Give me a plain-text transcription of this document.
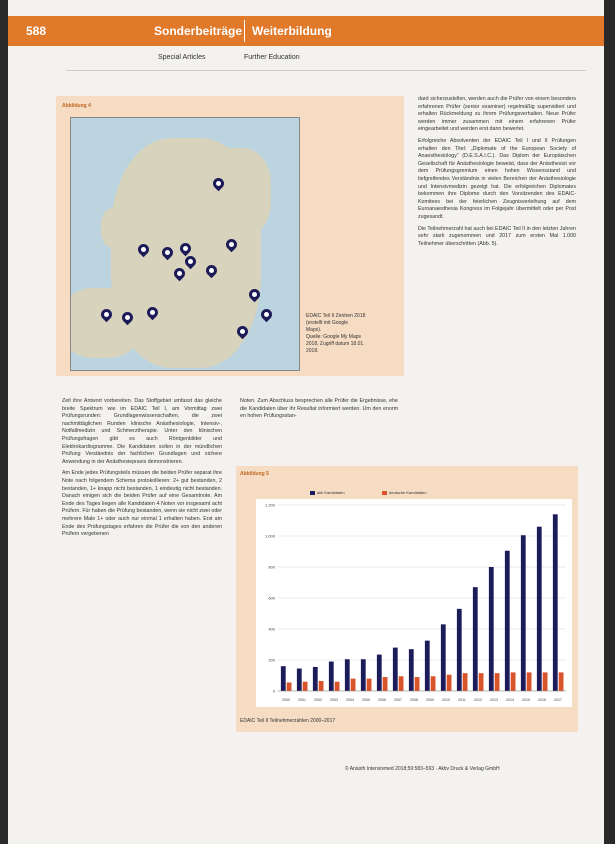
588	Sonderbeiträge Weiterbildung
Special Articles	Further Education
Abbildung 4
EDAIC Teil II Zentren 2018
(erstellt mit Google
Maps).
Quelle: Google My Maps
2018, Zugriff datum 18.01.
2018.

dard sicherzustellen, werden auch die Prüfer von einem besonders erfahrenen Prüfer (senior examiner) regelmäßig supervidiert und erhalten Rückmeldung zu ihrem Prüfungsverhalten. Neue Prüfer werden immer zusammen mit einem erfahrenen Prüfer eingearbeitet und werden erst dann bewertet.

Erfolgreiche Absolventen der EDAIC Teil I und II Prüfungen erhalten den Titel: „Diplomate of the European Society of Anaesthesiology“ (D.E.S.A.I.C.). Das Diplom der Europäischen Gesellschaft für Anästhesiologie beweist, dass der Anästhesist vor dem Prüfungsgremium einen hohen Wissensstand und tiefgreifendes Verständnis in vielen Bereichen der Anästhesiologie und Intensivmedizin gezeigt hat. Die erfolgreichen Diplomates bekommen ihre Diplome durch den Vorsitzenden des EDAIC-Komitees bei der feierlichen Zeugnisverleihung auf dem Euroanaesthesia Kongress im Folgejahr übermittelt oder per Post zugesandt.

Die Teilnehmerzahl hat auch bei EDAIC Teil II in den letzten Jahren sehr stark zugenommen und 2017 zum ersten Mal 1.000 Teilnehmer überschritten (Abb. 5).

Zeit ihre Antwort vorbereiten. Das Stoffgebiet umfasst das gleiche breite Spektrum wie im EDAIC Teil I, am Vormittag zwei Prüfungsrunden: Grundlagenwissenschaften, die zwei nachmittäglichen Runden klinische Anästhesiologie, Intensiv-, Notfallmedizin und Schmerztherapie. Unter den klinischen Prüfungsfragen gibt es auch Röntgenbilder und Elektrokardiogramme. Die Kandidaten sollen in der mündlichen Prüfung Verständnis der fachlichen Grundlagen und sichere Anwendung in der Anästhesiepraxis demonstrieren.

Am Ende jedes Prüfungsteils müssen die beiden Prüfer separat ihre Note nach folgendem Schema protokollieren: 2+ gut bestanden, 2 bestanden, 1+ knapp nicht bestanden, 1 eindeutig nicht bestanden. Danach einigen sich die beiden Prüfer auf eine Gesamtnote. Am Ende des Tages liegen alle Kandidaten 4 Noten vor insgesamt acht Prüfern. Für haben die Prüfung bestanden, wenn sie nicht zwei oder mehrere Male 1+ oder auch nur einmal 1 erhalten haben. Erst am Ende des Prüfungstages erfahren die Prüfer die von den anderen Prüfern vergebenen

Noten. Zum Abschluss besprechen alle Prüfer die Ergebnisse, ehe die Kandidaten über ihr Resultat informiert werden. Um den enorm en hohen Prüfungsstan-

Abbildung 5
0
200
400
600
800
1.000
1.200
2000 2001 2002 2003 2004 2005 2006 2007 2008 2009 2010 2011 2012 2013 2014 2015 2016 2017
alle Kandidaten	deutsche Kandidaten
EDAIC Teil II Teilnehmerzahlen 2000–2017
© Anästh Intensivmed 2018;59:583–593 · Aktiv Druck & Verlag GmbH
